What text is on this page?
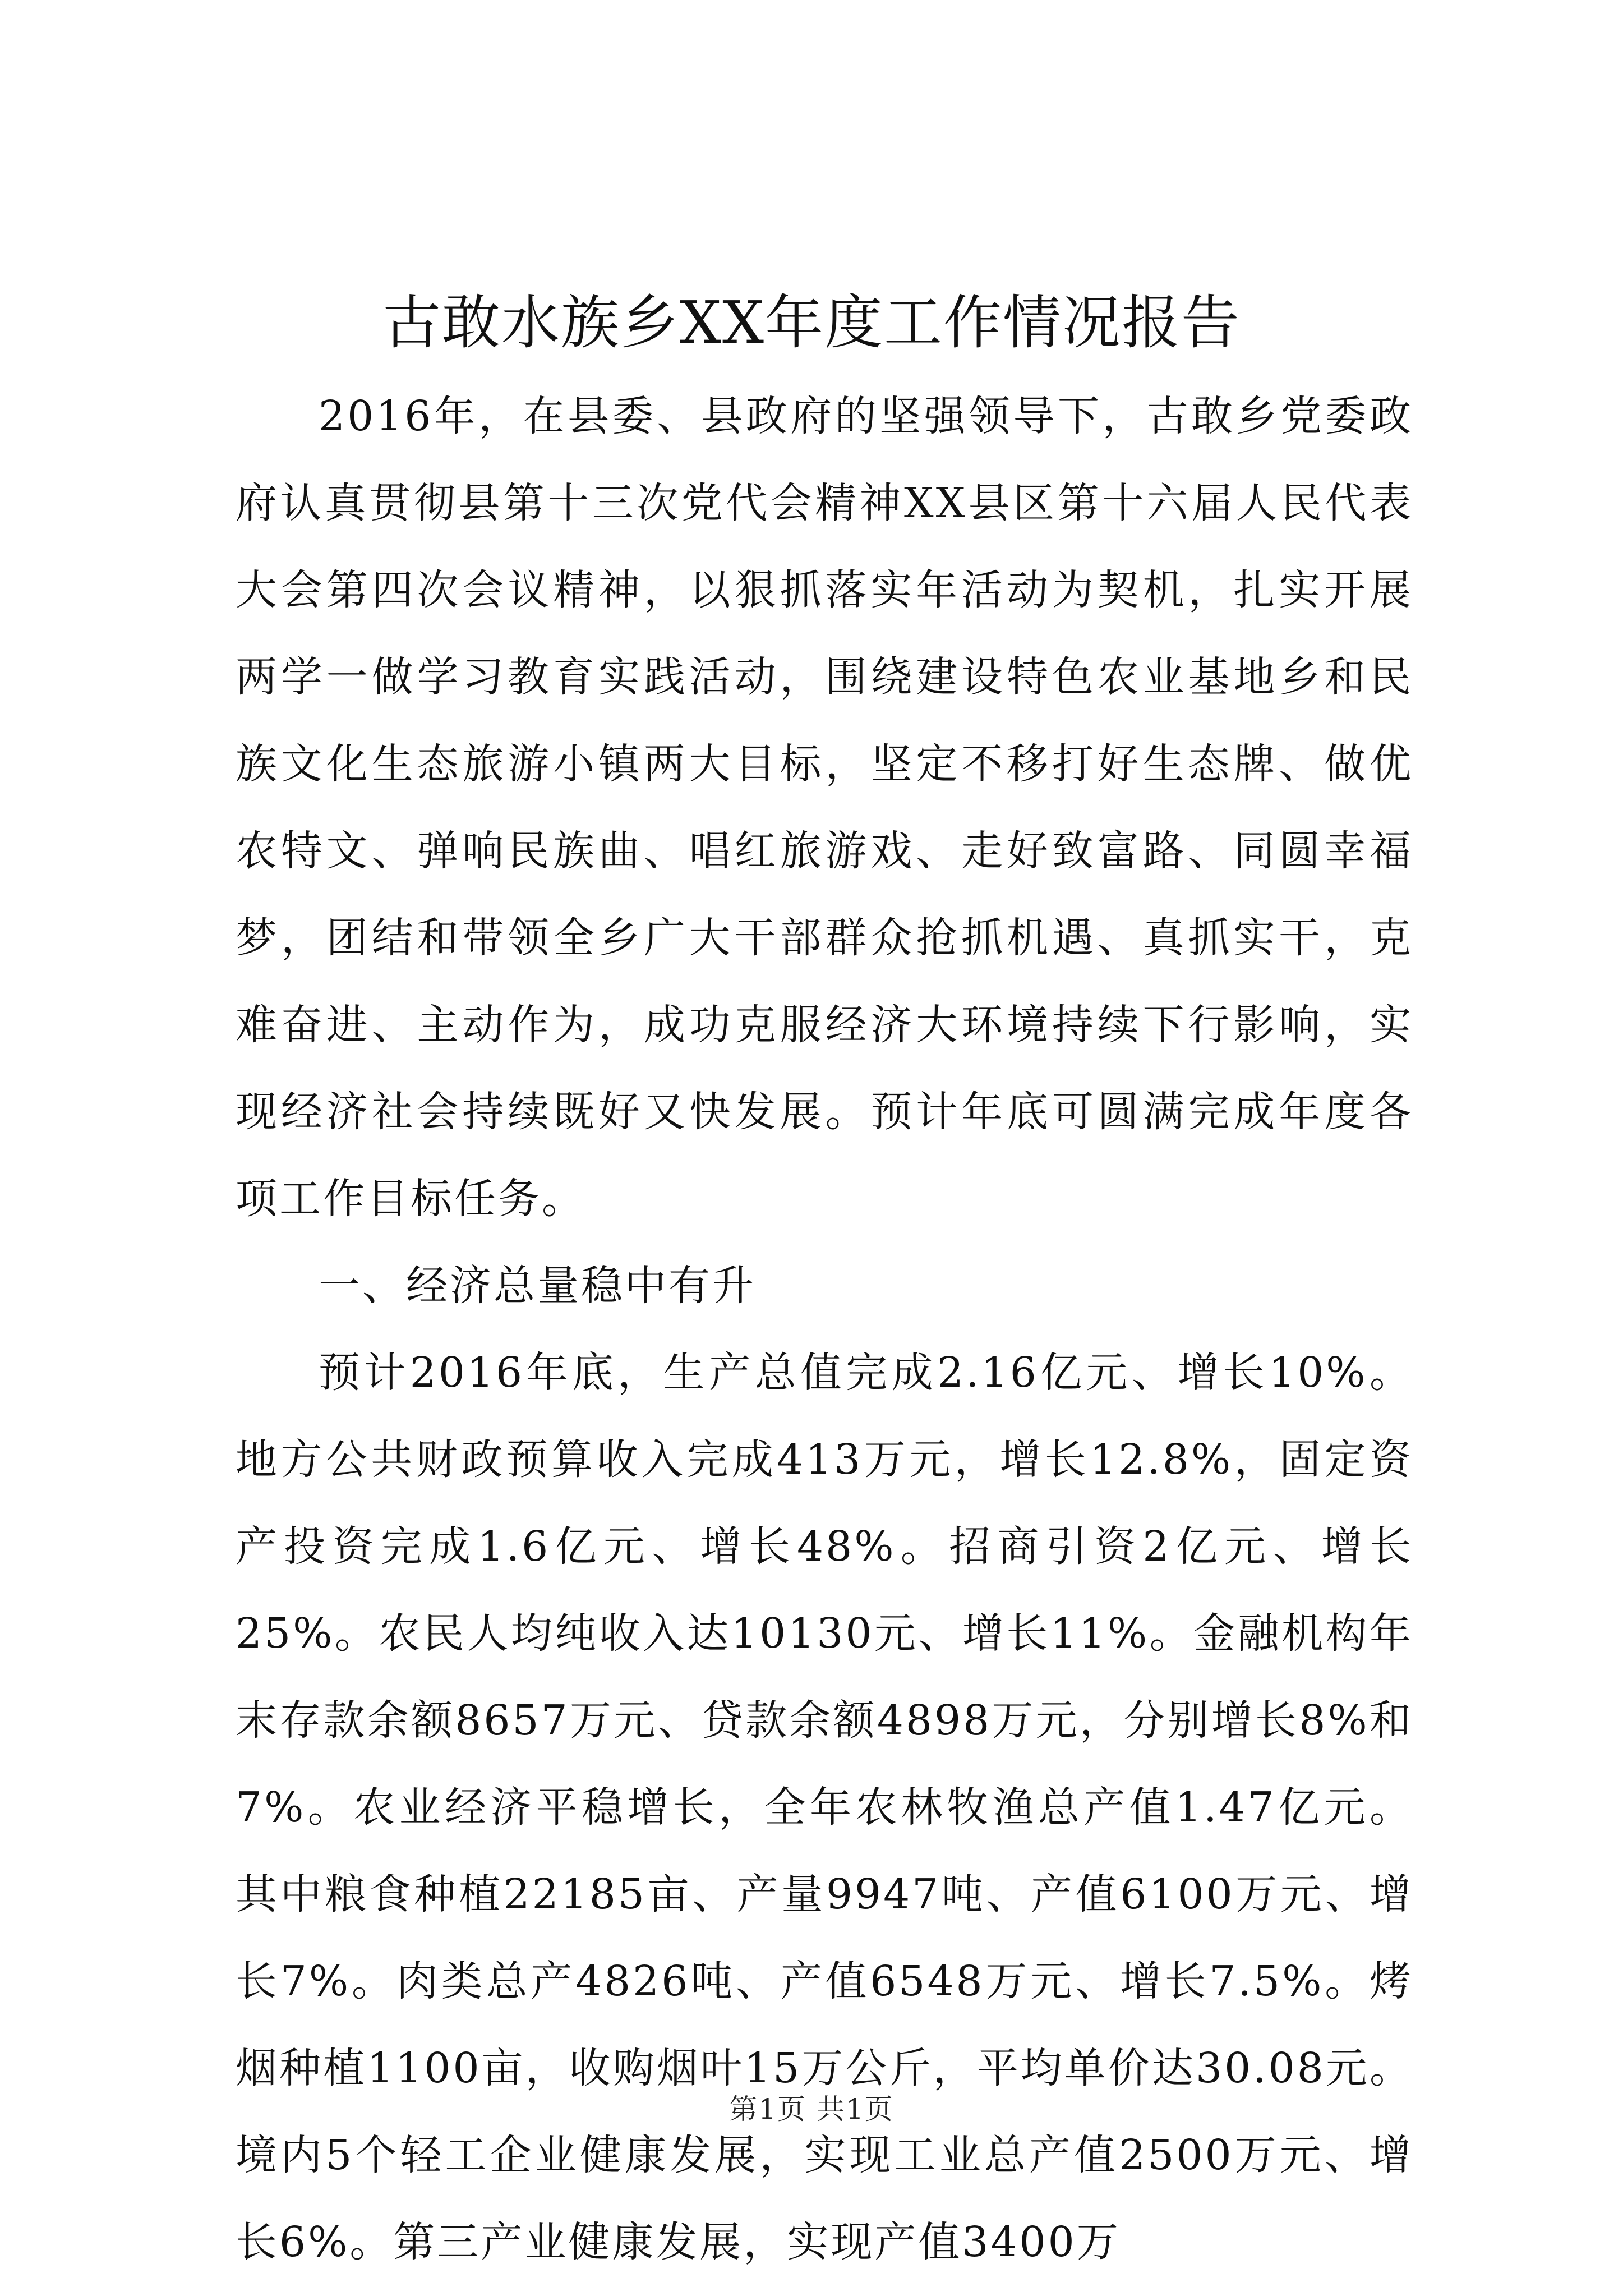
古敢水族乡XX年度工作情况报告

2016年，在县委、县政府的坚强领导下，古敢乡党委政府认真贯彻县第十三次党代会精神XX县区第十六届人民代表大会第四次会议精神，以狠抓落实年活动为契机，扎实开展两学一做学习教育实践活动，围绕建设特色农业基地乡和民族文化生态旅游小镇两大目标，坚定不移打好生态牌、做优农特文、弹响民族曲、唱红旅游戏、走好致富路、同圆幸福梦，团结和带领全乡广大干部群众抢抓机遇、真抓实干，克难奋进、主动作为，成功克服经济大环境持续下行影响，实现经济社会持续既好又快发展。预计年底可圆满完成年度各项工作目标任务。

一、经济总量稳中有升

预计2016年底，生产总值完成2.16亿元、增长10%。地方公共财政预算收入完成413万元，增长12.8%，固定资产投资完成1.6亿元、增长48%。招商引资2亿元、增长25%。农民人均纯收入达10130元、增长11%。金融机构年末存款余额8657万元、贷款余额4898万元，分别增长8%和7%。农业经济平稳增长，全年农林牧渔总产值1.47亿元。其中粮食种植22185亩、产量9947吨、产值6100万元、增长7%。肉类总产4826吨、产值6548万元、增长7.5%。烤烟种植1100亩，收购烟叶15万公斤，平均单价达30.08元。境内5个轻工企业健康发展，实现工业总产值2500万元、增长6%。第三产业健康发展，实现产值3400万

第1页 共1页
